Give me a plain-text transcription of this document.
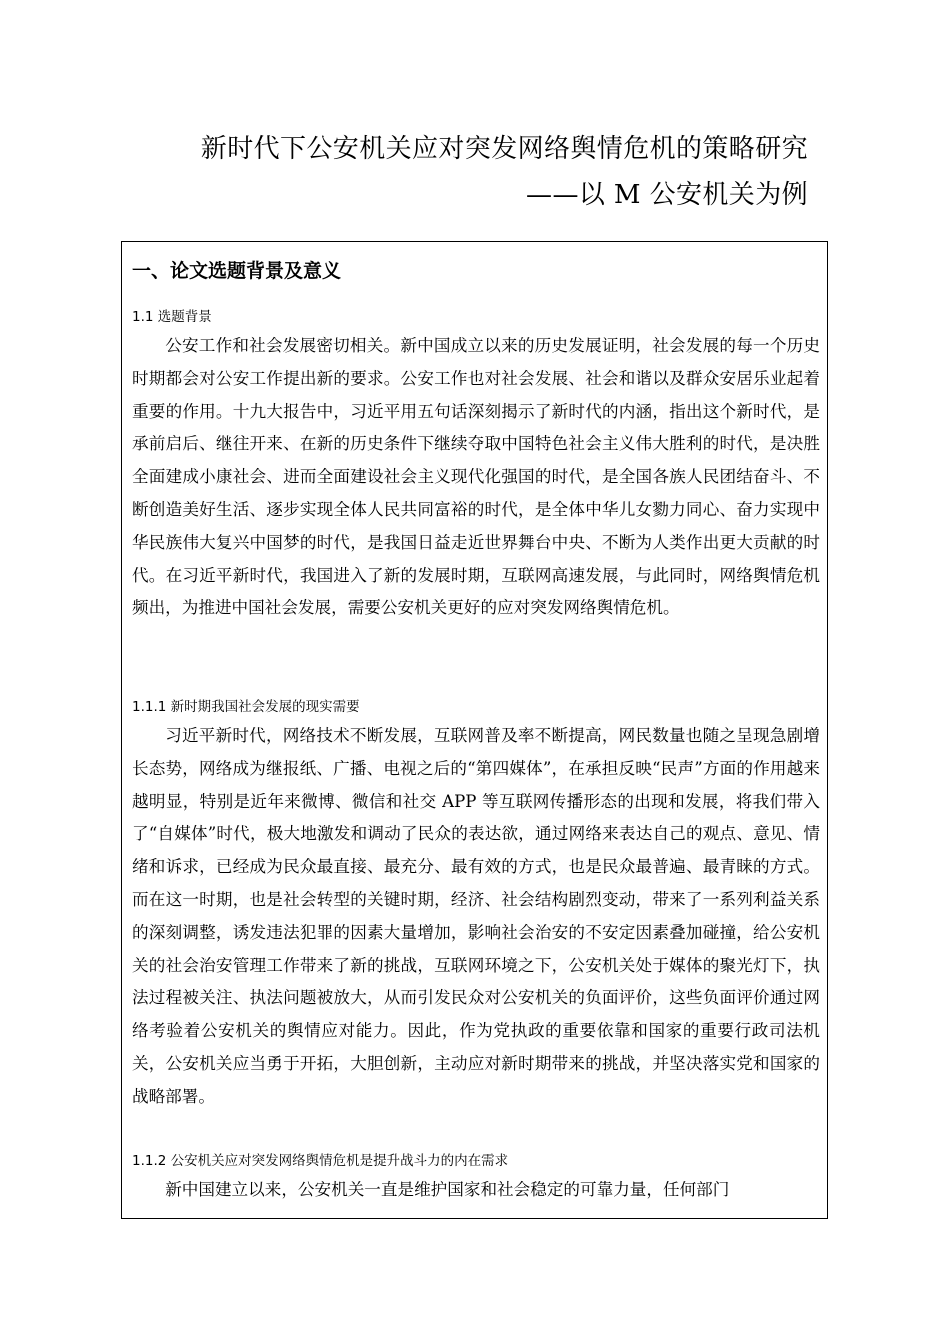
新时代下公安机关应对突发网络舆情危机的策略研究
——以 M 公安机关为例
一、论文选题背景及意义
1.1 选题背景

公安工作和社会发展密切相关。新中国成立以来的历史发展证明，社会发展的每一个历史时期都会对公安工作提出新的要求。公安工作也对社会发展、社会和谐以及群众安居乐业起着重要的作用。十九大报告中，习近平用五句话深刻揭示了新时代的内涵，指出这个新时代，是承前启后、继往开来、在新的历史条件下继续夺取中国特色社会主义伟大胜利的时代，是决胜全面建成小康社会、进而全面建设社会主义现代化强国的时代，是全国各族人民团结奋斗、不断创造美好生活、逐步实现全体人民共同富裕的时代，是全体中华儿女勠力同心、奋力实现中华民族伟大复兴中国梦的时代，是我国日益走近世界舞台中央、不断为人类作出更大贡献的时代。在习近平新时代，我国进入了新的发展时期，互联网高速发展，与此同时，网络舆情危机频出，为推进中国社会发展，需要公安机关更好的应对突发网络舆情危机。

1.1.1 新时期我国社会发展的现实需要

习近平新时代，网络技术不断发展，互联网普及率不断提高，网民数量也随之呈现急剧增长态势，网络成为继报纸、广播、电视之后的“第四媒体”，在承担反映“民声”方面的作用越来越明显，特别是近年来微博、微信和社交 APP 等互联网传播形态的出现和发展，将我们带入了“自媒体”时代，极大地激发和调动了民众的表达欲，通过网络来表达自己的观点、意见、情绪和诉求，已经成为民众最直接、最充分、最有效的方式，也是民众最普遍、最青睐的方式。而在这一时期，也是社会转型的关键时期，经济、社会结构剧烈变动，带来了一系列利益关系的深刻调整，诱发违法犯罪的因素大量增加，影响社会治安的不安定因素叠加碰撞，给公安机关的社会治安管理工作带来了新的挑战，互联网环境之下，公安机关处于媒体的聚光灯下，执法过程被关注、执法问题被放大，从而引发民众对公安机关的负面评价，这些负面评价通过网络考验着公安机关的舆情应对能力。因此，作为党执政的重要依靠和国家的重要行政司法机关，公安机关应当勇于开拓，大胆创新，主动应对新时期带来的挑战，并坚决落实党和国家的战略部署。

1.1.2 公安机关应对突发网络舆情危机是提升战斗力的内在需求

新中国建立以来，公安机关一直是维护国家和社会稳定的可靠力量，任何部门
